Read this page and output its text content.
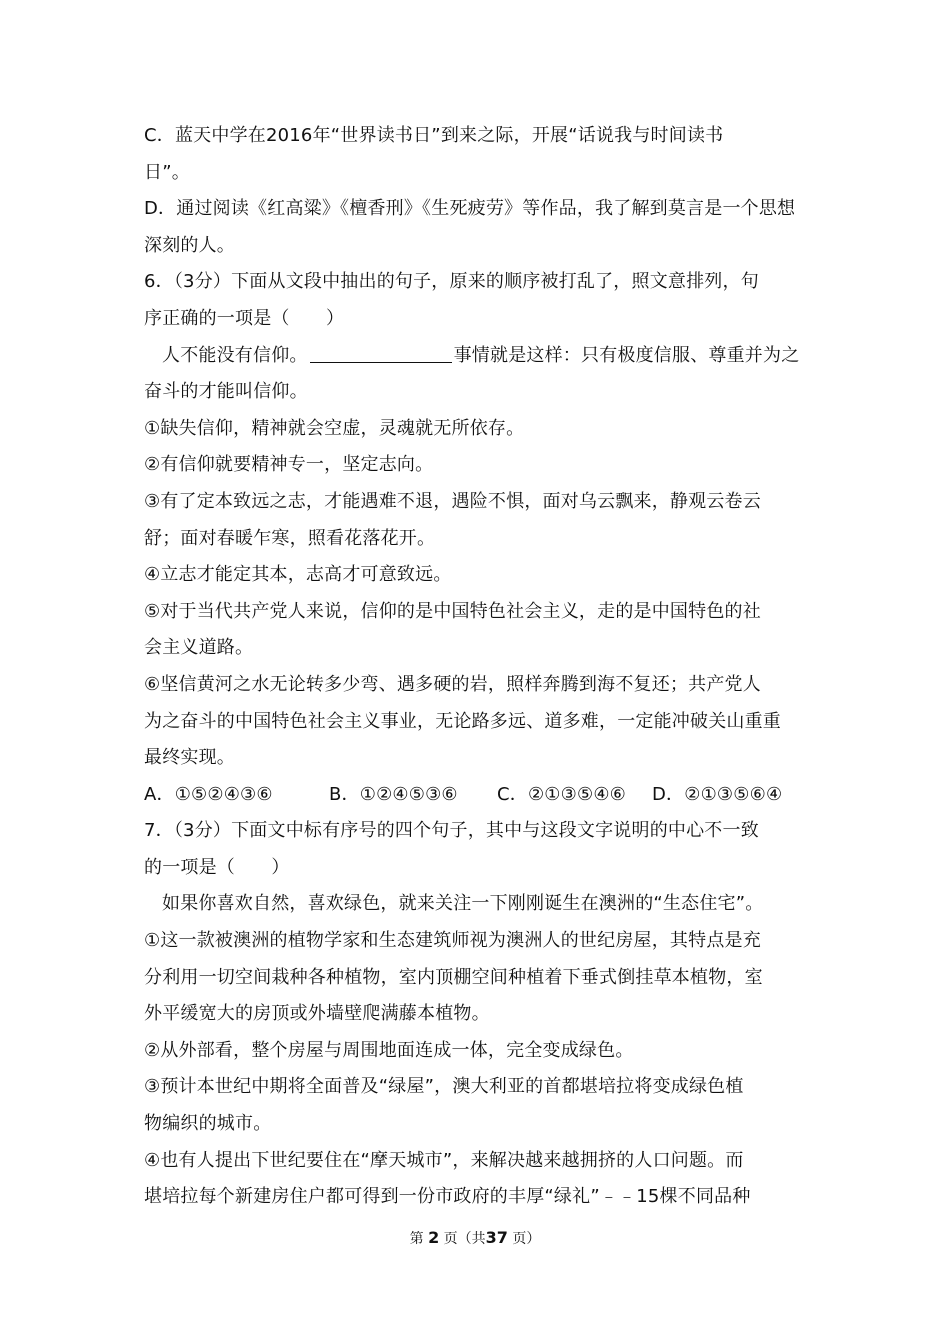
C．蓝天中学在2016年“世界读书日”到来之际，开展“话说我与时间读书
日”。
D．通过阅读《红高粱》《檀香刑》《生死疲劳》等作品，我了解到莫言是一个思想
深刻的人。
6．（3分）下面从文段中抽出的句子，原来的顺序被打乱了，照文意排列，句
序正确的一项是（　　）
人不能没有信仰。	事情就是这样：只有极度信服、尊重并为之
奋斗的才能叫信仰。
①缺失信仰，精神就会空虚，灵魂就无所依存。
②有信仰就要精神专一，坚定志向。
③有了定本致远之志，才能遇难不退，遇险不惧，面对乌云飘来，静观云卷云
舒；面对春暖乍寒，照看花落花开。
④立志才能定其本，志高才可意致远。
⑤对于当代共产党人来说，信仰的是中国特色社会主义，走的是中国特色的社
会主义道路。
⑥坚信黄河之水无论转多少弯、遇多硬的岩，照样奔腾到海不复还；共产党人
为之奋斗的中国特色社会主义事业，无论路多远、道多难，一定能冲破关山重重
最终实现。
A．①⑤②④③⑥	B．①②④⑤③⑥	C．②①③⑤④⑥	D．②①③⑤⑥④
7．（3分）下面文中标有序号的四个句子，其中与这段文字说明的中心不一致
的一项是（　　）
如果你喜欢自然，喜欢绿色，就来关注一下刚刚诞生在澳洲的“生态住宅”。
①这一款被澳洲的植物学家和生态建筑师视为澳洲人的世纪房屋，其特点是充
分利用一切空间栽种各种植物，室内顶棚空间种植着下垂式倒挂草本植物，室
外平缓宽大的房顶或外墙壁爬满藤本植物。
②从外部看，整个房屋与周围地面连成一体，完全变成绿色。
③预计本世纪中期将全面普及“绿屋”，澳大利亚的首都堪培拉将变成绿色植
物编织的城市。
④也有人提出下世纪要住在“摩天城市”，来解决越来越拥挤的人口问题。而
堪培拉每个新建房住户都可得到一份市政府的丰厚“绿礼”﹣﹣15棵不同品种
第 2 页（共37 页）
